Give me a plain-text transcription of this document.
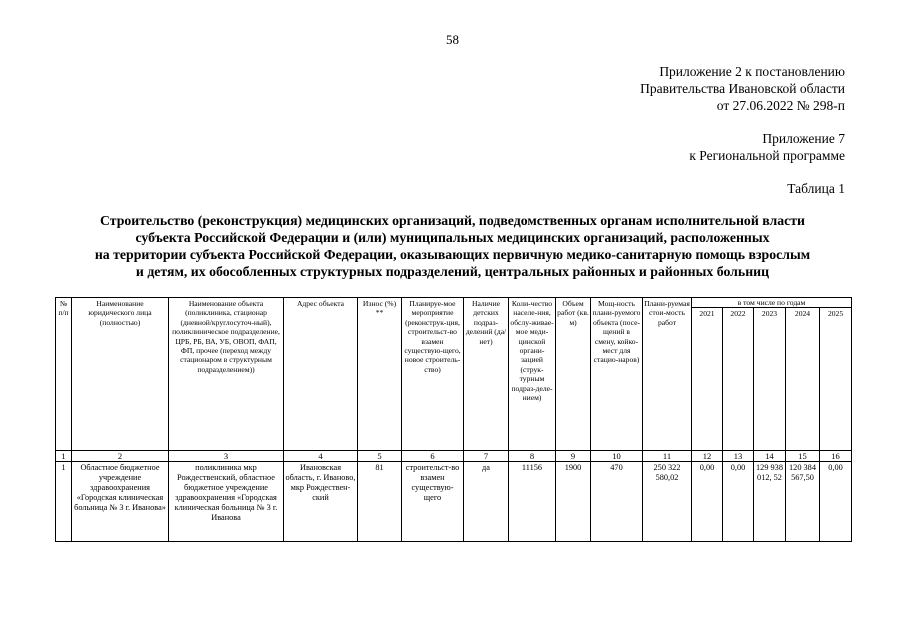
58
Приложение 2 к постановлению
Правительства Ивановской области
от 27.06.2022 № 298-п
Приложение 7
к Региональной программе
Таблица 1
Строительство (реконструкция) медицинских организаций, подведомственных органам исполнительной власти
субъекта Российской Федерации и (или) муниципальных медицинских организаций, расположенных
на территории субъекта Российской Федерации, оказывающих первичную медико-санитарную помощь взрослым
и детям, их обособленных структурных подразделений, центральных районных и районных больниц
№ п/п	Наименование юридического лица (полностью)	Наименование объекта (поликлиника, стационар (дневной/круглосуточ-ный), поликлиническое подразделение, ЦРБ, РБ, ВА, УБ, ОВОП, ФАП, ФП, прочее (переход между стационаром в структурным подразделением))	Адрес объекта	Износ (%) **	Планируе-мое мероприятие (реконструк-ция, строительст-во взамен существую-щего, новое строитель-ство)	Наличие детских подраз-делений (да/нет)	Коли-чество населе-ния, обслу-живае-мое меди-цинской органи-зацией (струк-турным подраз-деле-нием)	Объем работ (кв. м)	Мощ-ность плани-руемого объекта (посе-щений в смену, койко-мест для стацио-наров)	Плани-руемая стои-мость работ	в том числе по годам				
											2021	2022	2023	2024	2025
1	2	3	4	5	6	7	8	9	10	11	12	13	14	15	16
1	Областное бюджетное учреждение здравоохранения «Городская клиническая больница № 3 г. Иванова»	поликлиника мкр Рождественский, областное бюджетное учреждение здравоохранения «Городская клиническая больница № 3 г. Иванова	Ивановская область, г. Иваново, мкр Рождествен-ский	81	строительст-во взамен существую-щего	да	11156	1900	470	250 322 580,02	0,00	0,00	129 938 012, 52	120 384 567,50	0,00
